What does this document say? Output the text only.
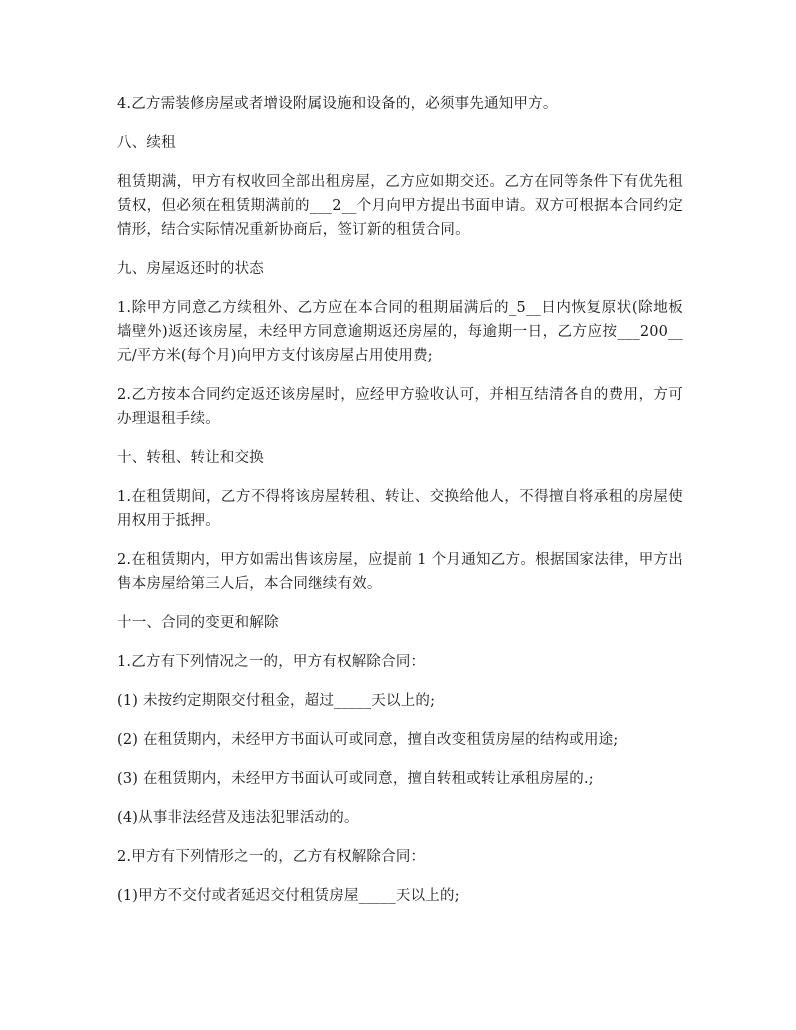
4.乙方需装修房屋或者增设附属设施和设备的，必须事先通知甲方。

八、续租

租赁期满，甲方有权收回全部出租房屋，乙方应如期交还。乙方在同等条件下有优先租赁权，但必须在租赁期满前的___2__个月向甲方提出书面申请。双方可根据本合同约定情形，结合实际情况重新协商后，签订新的租赁合同。

九、房屋返还时的状态

1.除甲方同意乙方续租外、乙方应在本合同的租期届满后的_5__日内恢复原状(除地板墙壁外)返还该房屋，未经甲方同意逾期返还房屋的，每逾期一日，乙方应按___200__元/平方米(每个月)向甲方支付该房屋占用使用费;

2.乙方按本合同约定返还该房屋时，应经甲方验收认可，并相互结清各自的费用，方可办理退租手续。

十、转租、转让和交换

1.在租赁期间，乙方不得将该房屋转租、转让、交换给他人，不得擅自将承租的房屋使用权用于抵押。

2.在租赁期内，甲方如需出售该房屋，应提前 1 个月通知乙方。根据国家法律，甲方出售本房屋给第三人后，本合同继续有效。

十一、合同的变更和解除

1.乙方有下列情况之一的，甲方有权解除合同：

(1) 未按约定期限交付租金，超过_____天以上的;

(2) 在租赁期内，未经甲方书面认可或同意，擅自改变租赁房屋的结构或用途;

(3) 在租赁期内，未经甲方书面认可或同意，擅自转租或转让承租房屋的.;

(4)从事非法经营及违法犯罪活动的。

2.甲方有下列情形之一的，乙方有权解除合同：

(1)甲方不交付或者延迟交付租赁房屋_____天以上的;
